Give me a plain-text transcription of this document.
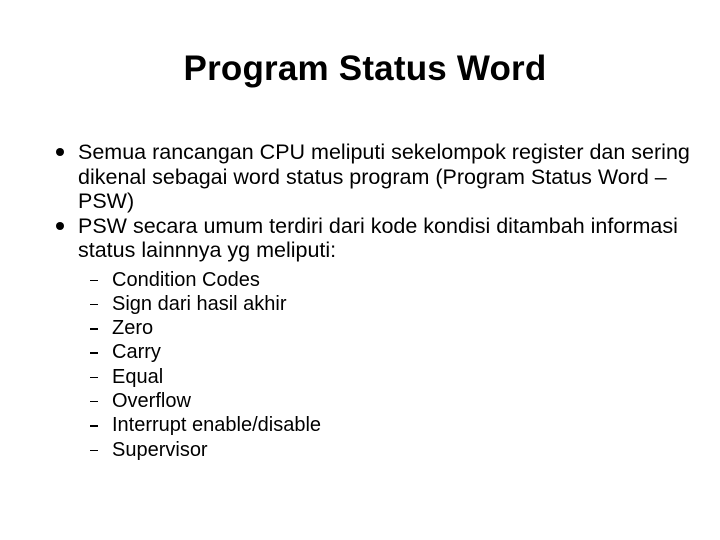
Program Status Word
Semua rancangan CPU meliputi sekelompok register dan sering dikenal sebagai word status program (Program Status Word – PSW)
PSW secara umum terdiri dari kode kondisi ditambah informasi status lainnnya yg meliputi:
Condition Codes
Sign dari hasil akhir
Zero
Carry
Equal
Overflow
Interrupt enable/disable
Supervisor
